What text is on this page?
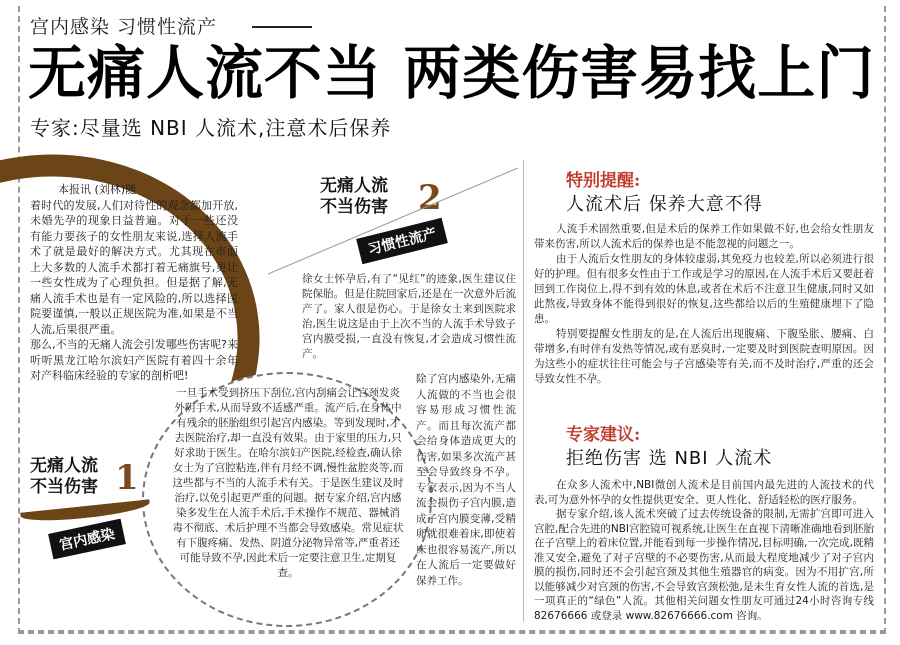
宫内感染 习惯性流产
无痛人流不当 两类伤害易找上门
专家:尽量选 NBI 人流术,注意术后保养

本报讯 (刘林)随

着时代的发展,人们对待性的观念都加开放,未婚先孕的现象日益普遍。对于一些还没有能力要孩子的女性朋友来说,选择人流手术了就是最好的解决方式。尤其现在市面上大多数的人流手术都打着无痛旗号,更让一些女性成为了心理负担。但是据了解,无痛人流手术也是有一定风险的,所以选择医院要谨慎,一般以正规医院为准,如果是不当人流,后果很严重。

那么,不当的无痛人流会引发哪些伤害呢?来听听黑龙江哈尔滨妇产医院有着四十余年对产科临床经验的专家的剖析吧!

一旦手术受到挤压下刮位,宫内刮痛会让宫颈发炎外阴手术,从而导致不适感严重。流产后,在身体中有残余的胚胎组织引起宫内感染。等到发现时,才去医院治疗,却一直没有效果。由于家里的压力,只好求助于医生。在哈尔滨妇产医院,经检查,确认徐女士为了宫腔粘连,伴有月经不调,慢性盆腔炎等,而这些都与不当的人流手术有关。于是医生建议及时治疗,以免引起更严重的问题。据专家介绍,宫内感染多发生在人流手术后,手术操作不规范、器械消毒不彻底、术后护理不当都会导致感染。常见症状有下腹疼痛、发热、阴道分泌物异常等,严重者还可能导致不孕,因此术后一定要注意卫生,定期复查。
无痛人流
不当伤害 1
宫内感染
无痛人流
不当伤害 2
习惯性流产
徐女士怀孕后,有了“见红”的迹象,医生建议住院保胎。但是住院回家后,还是在一次意外后流产了。家人很是伤心。于是徐女士来到医院求治,医生说这是由于上次不当的人流手术导致子宫内膜受损,一直没有恢复,才会造成习惯性流产。
除了宫内感染外,无痛人流做的不当也会很容易形成习惯性流产。而且每次流产都会给身体造成更大的伤害,如果多次流产甚至会导致终身不孕。专家表示,因为不当人流会损伤子宫内膜,造成子宫内膜变薄,受精卵就很难着床,即使着床也很容易流产,所以在人流后一定要做好保养工作。
特别提醒:
人流术后 保养大意不得

人流手术固然重要,但是术后的保养工作如果做不好,也会给女性朋友带来伤害,所以人流术后的保养也是不能忽视的问题之一。

由于人流后女性朋友的身体较虚弱,其免疫力也较差,所以必须进行很好的护理。但有很多女性由于工作或是学习的原因,在人流手术后又要赶着回到工作岗位上,得不到有效的休息,或者在术后不注意卫生健康,同时又如此熬夜,导致身体不能得到很好的恢复,这些都给以后的生殖健康埋下了隐患。

特别要提醒女性朋友的是,在人流后出现腹痛、下腹坠胀、腰痛、白带增多,有时伴有发热等情况,或有恶臭时,一定要及时到医院查明原因。因为这些小的症状往往可能会与子宫感染等有关,而不及时治疗,严重的还会导致女性不孕。

专家建议:
拒绝伤害 选 NBI 人流术

在众多人流术中,NBI微创人流术是目前国内最先进的人流技术的代表,可为意外怀孕的女性提供更安全、更人性化、舒适轻松的医疗服务。

据专家介绍,该人流术突破了过去传统设备的限制,无需扩宫即可进入宫腔,配合先进的NBI宫腔镜可视系统,让医生在直视下清晰准确地看到胚胎在子宫壁上的着床位置,并能看到每一步操作情况,目标明确,一次完成,既精准又安全,避免了对子宫壁的不必要伤害,从而最大程度地减少了对子宫内膜的损伤,同时还不会引起宫颈及其他生殖器官的病变。因为不用扩宫,所以能够减少对宫颈的伤害,不会导致宫颈松弛,是未生育女性人流的首选,是一项真正的“绿色”人流。其他相关问题女性朋友可通过24小时咨询专线 82676666 或登录 www.82676666.com 咨询。
